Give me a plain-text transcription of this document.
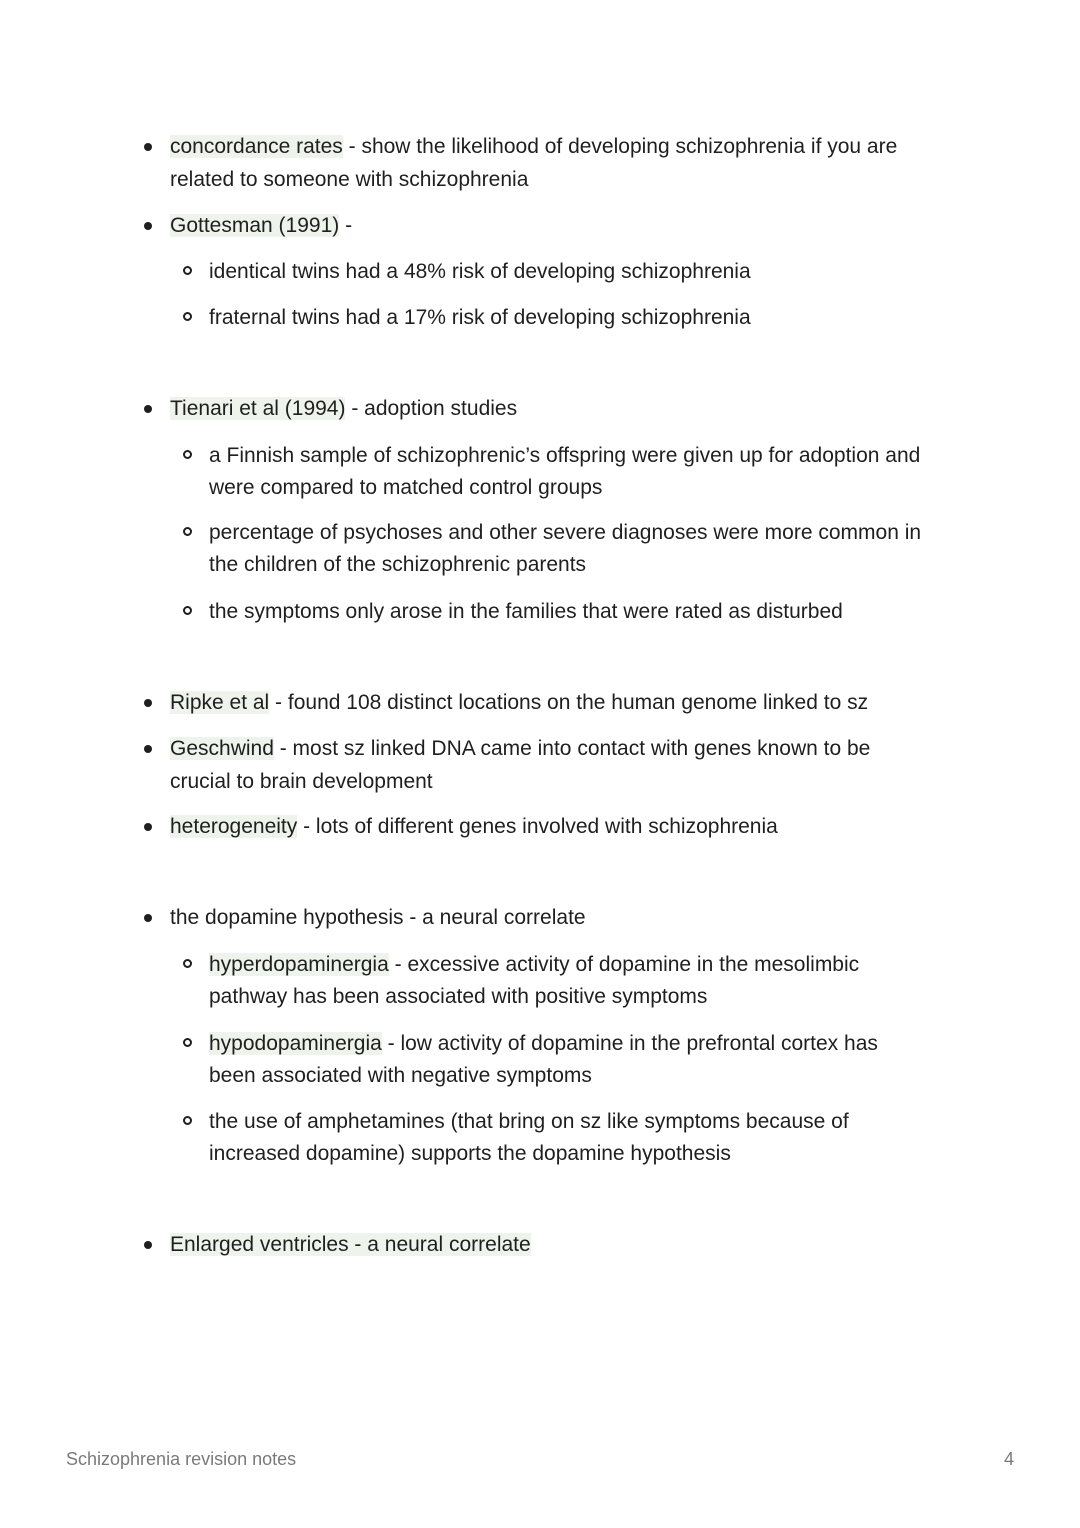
concordance rates - show the likelihood of developing schizophrenia if you are
related to someone with schizophrenia
Gottesman (1991) -
identical twins had a 48% risk of developing schizophrenia
fraternal twins had a 17% risk of developing schizophrenia
Tienari et al (1994) - adoption studies
a Finnish sample of schizophrenic’s offspring were given up for adoption and
were compared to matched control groups
percentage of psychoses and other severe diagnoses were more common in
the children of the schizophrenic parents
the symptoms only arose in the families that were rated as disturbed
Ripke et al - found 108 distinct locations on the human genome linked to sz
Geschwind - most sz linked DNA came into contact with genes known to be
crucial to brain development
heterogeneity - lots of different genes involved with schizophrenia
the dopamine hypothesis - a neural correlate
hyperdopaminergia - excessive activity of dopamine in the mesolimbic
pathway has been associated with positive symptoms
hypodopaminergia - low activity of dopamine in the prefrontal cortex has
been associated with negative symptoms
the use of amphetamines (that bring on sz like symptoms because of
increased dopamine) supports the dopamine hypothesis
Enlarged ventricles - a neural correlate
Schizophrenia revision notes	4
